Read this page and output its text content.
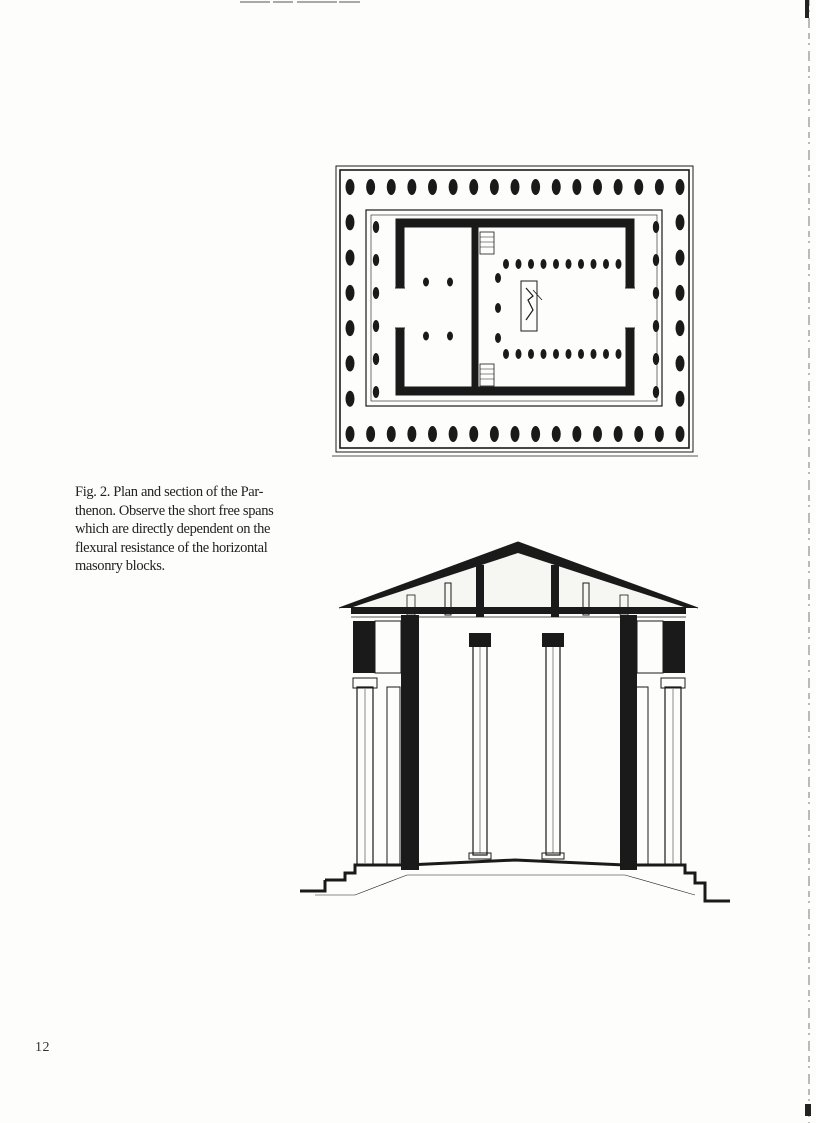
Fig. 2. Plan and section of the Par-
thenon. Observe the short free spans
which are directly dependent on the
flexural resistance of the horizontal
masonry blocks.
12
